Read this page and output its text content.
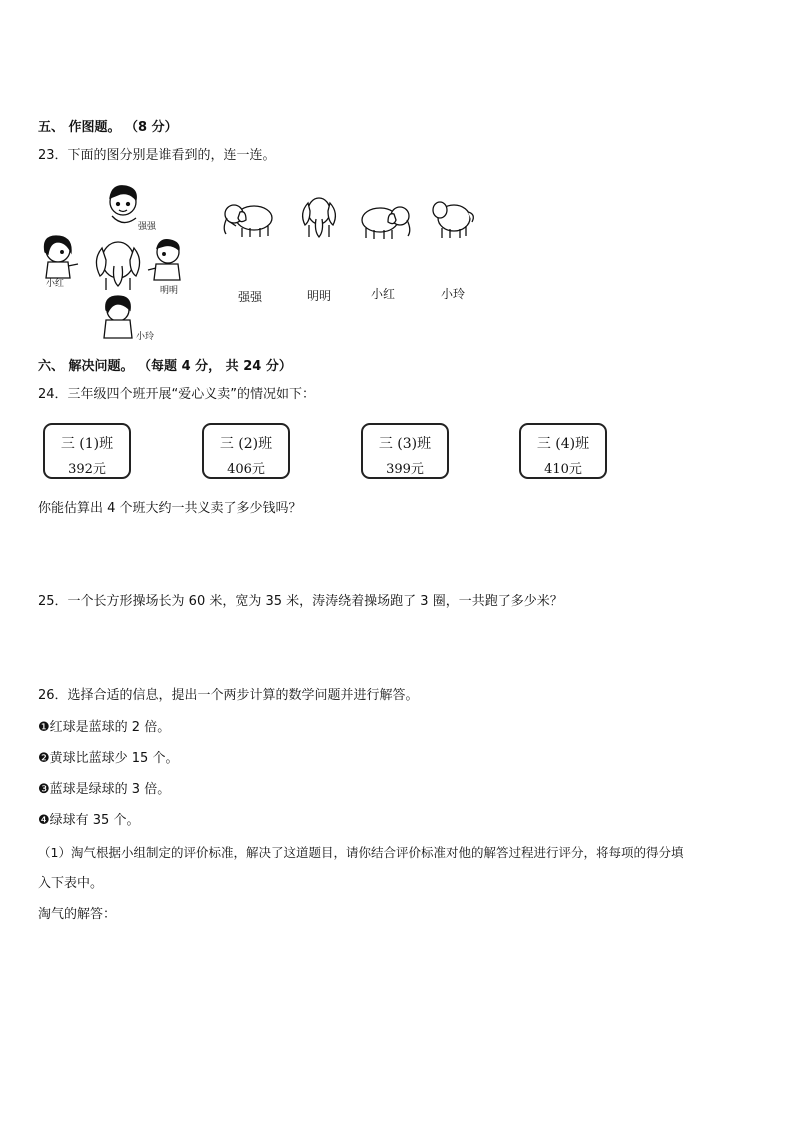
五、 作图题。 （8 分）
23．下面的图分别是谁看到的，连一连。
强强
小红
明明
小玲
强强	明明	小红	小玲
六、 解决问题。 （每题 4 分， 共 24 分）
24．三年级四个班开展“爱心义卖”的情况如下：
三 (1)班
392元
三 (2)班
406元
三 (3)班
399元
三 (4)班
410元
你能估算出 4 个班大约一共义卖了多少钱吗？
25．一个长方形操场长为 60 米，宽为 35 米，涛涛绕着操场跑了 3 圈，一共跑了多少米？
26．选择合适的信息，提出一个两步计算的数学问题并进行解答。
❶红球是蓝球的 2 倍。
❷黄球比蓝球少 15 个。
❸蓝球是绿球的 3 倍。
❹绿球有 35 个。
（1）淘气根据小组制定的评价标准，解决了这道题目，请你结合评价标准对他的解答过程进行评分，将每项的得分填
入下表中。
淘气的解答：
